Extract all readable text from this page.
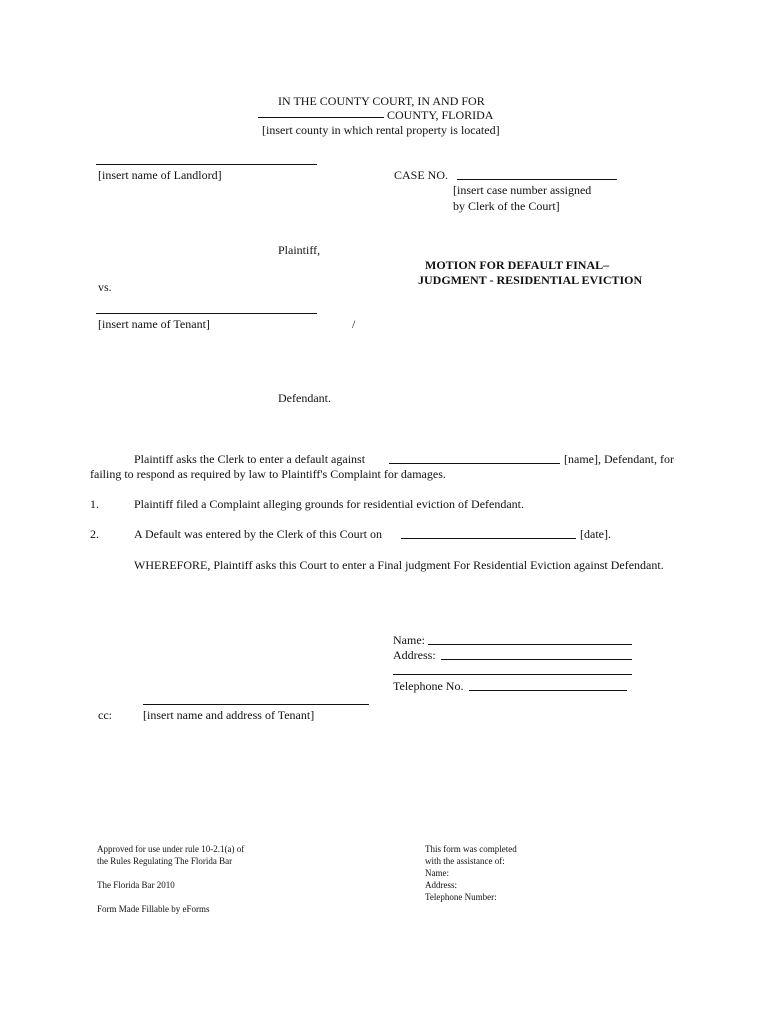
IN THE COUNTY COURT, IN AND FOR
COUNTY, FLORIDA
[insert county in which rental property is located]
[insert name of Landlord]	CASE NO.
[insert case number assigned
by Clerk of the Court]
Plaintiff,
MOTION FOR DEFAULT FINAL–
JUDGMENT - RESIDENTIAL EVICTION
vs.
[insert name of Tenant]	/
Defendant.
Plaintiff asks the Clerk to enter a default against	[name], Defendant, for
failing to respond as required by law to Plaintiff's Complaint for damages.
1.	Plaintiff filed a Complaint alleging grounds for residential eviction of Defendant.
2.	A Default was entered by the Clerk of this Court on	[date].
WHEREFORE, Plaintiff asks this Court to enter a Final judgment For Residential Eviction against Defendant.
Name:
Address:
Telephone No.
cc:	[insert name and address of Tenant]
Approved for use under rule 10-2.1(a) of
the Rules Regulating The Florida Bar
The Florida Bar 2010
Form Made Fillable by eForms
This form was completed
with the assistance of:
Name:
Address:
Telephone Number:
